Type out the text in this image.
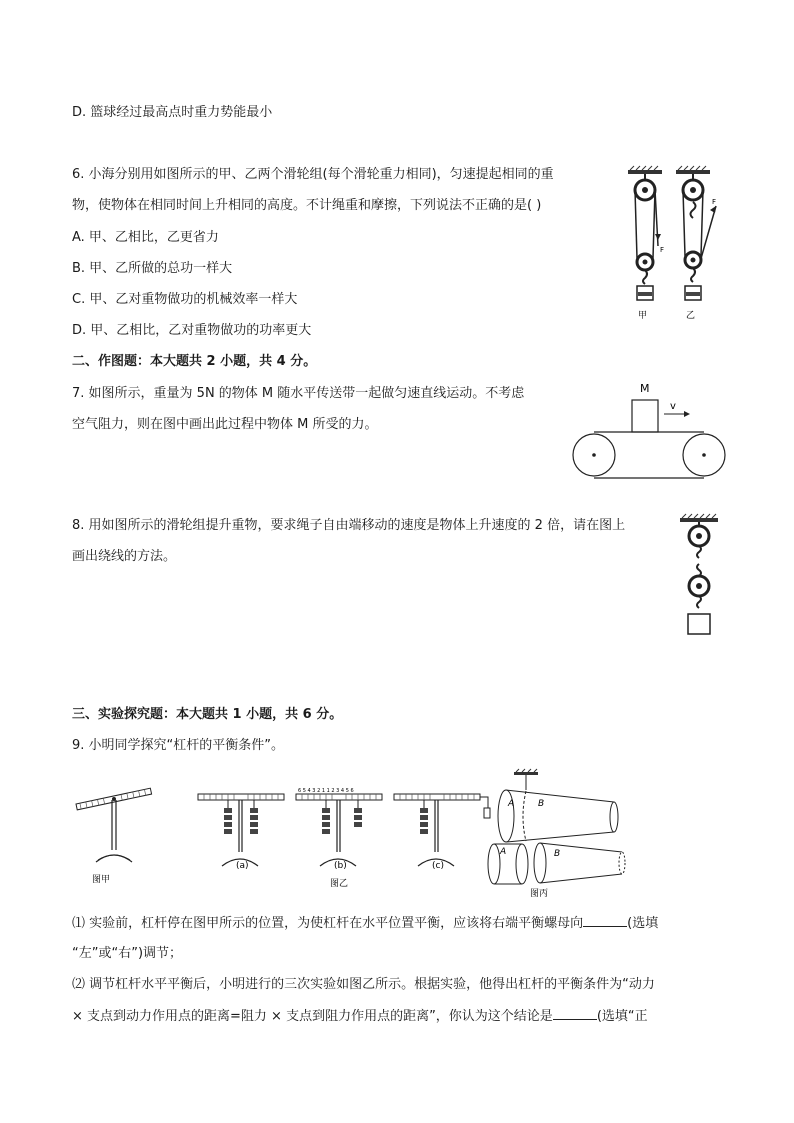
D. 篮球经过最高点时重力势能最小
6. 小海分别用如图所示的甲、乙两个滑轮组(每个滑轮重力相同)，匀速提起相同的重
物，使物体在相同时间上升相同的高度。不计绳重和摩擦，下列说法不正确的是( )
A. 甲、乙相比，乙更省力
B. 甲、乙所做的总功一样大
C. 甲、乙对重物做功的机械效率一样大
D. 甲、乙相比，乙对重物做功的功率更大
F
F
甲	乙
二、作图题：本大题共 2 小题，共 4 分。
7. 如图所示，重量为 5N 的物体 M 随水平传送带一起做匀速直线运动。不考虑
空气阻力，则在图中画出此过程中物体 M 所受的力。
M
v
8. 用如图所示的滑轮组提升重物，要求绳子自由端移动的速度是物体上升速度的 2 倍，请在图上
画出绕线的方法。
三、实验探究题：本大题共 1 小题，共 6 分。
9. 小明同学探究“杠杆的平衡条件”。
图甲
(a)
6 5 4 3 2 1 1 2 3 4 5 6
(b)
图乙
(c)
A	B
A	B
图丙
⑴ 实验前，杠杆停在图甲所示的位置，为使杠杆在水平位置平衡，应该将右端平衡螺母向	(选填
“左”或“右”)调节；
⑵ 调节杠杆水平平衡后，小明进行的三次实验如图乙所示。根据实验，他得出杠杆的平衡条件为“动力
× 支点到动力作用点的距离=阻力 × 支点到阻力作用点的距离”，你认为这个结论是	(选填“正
